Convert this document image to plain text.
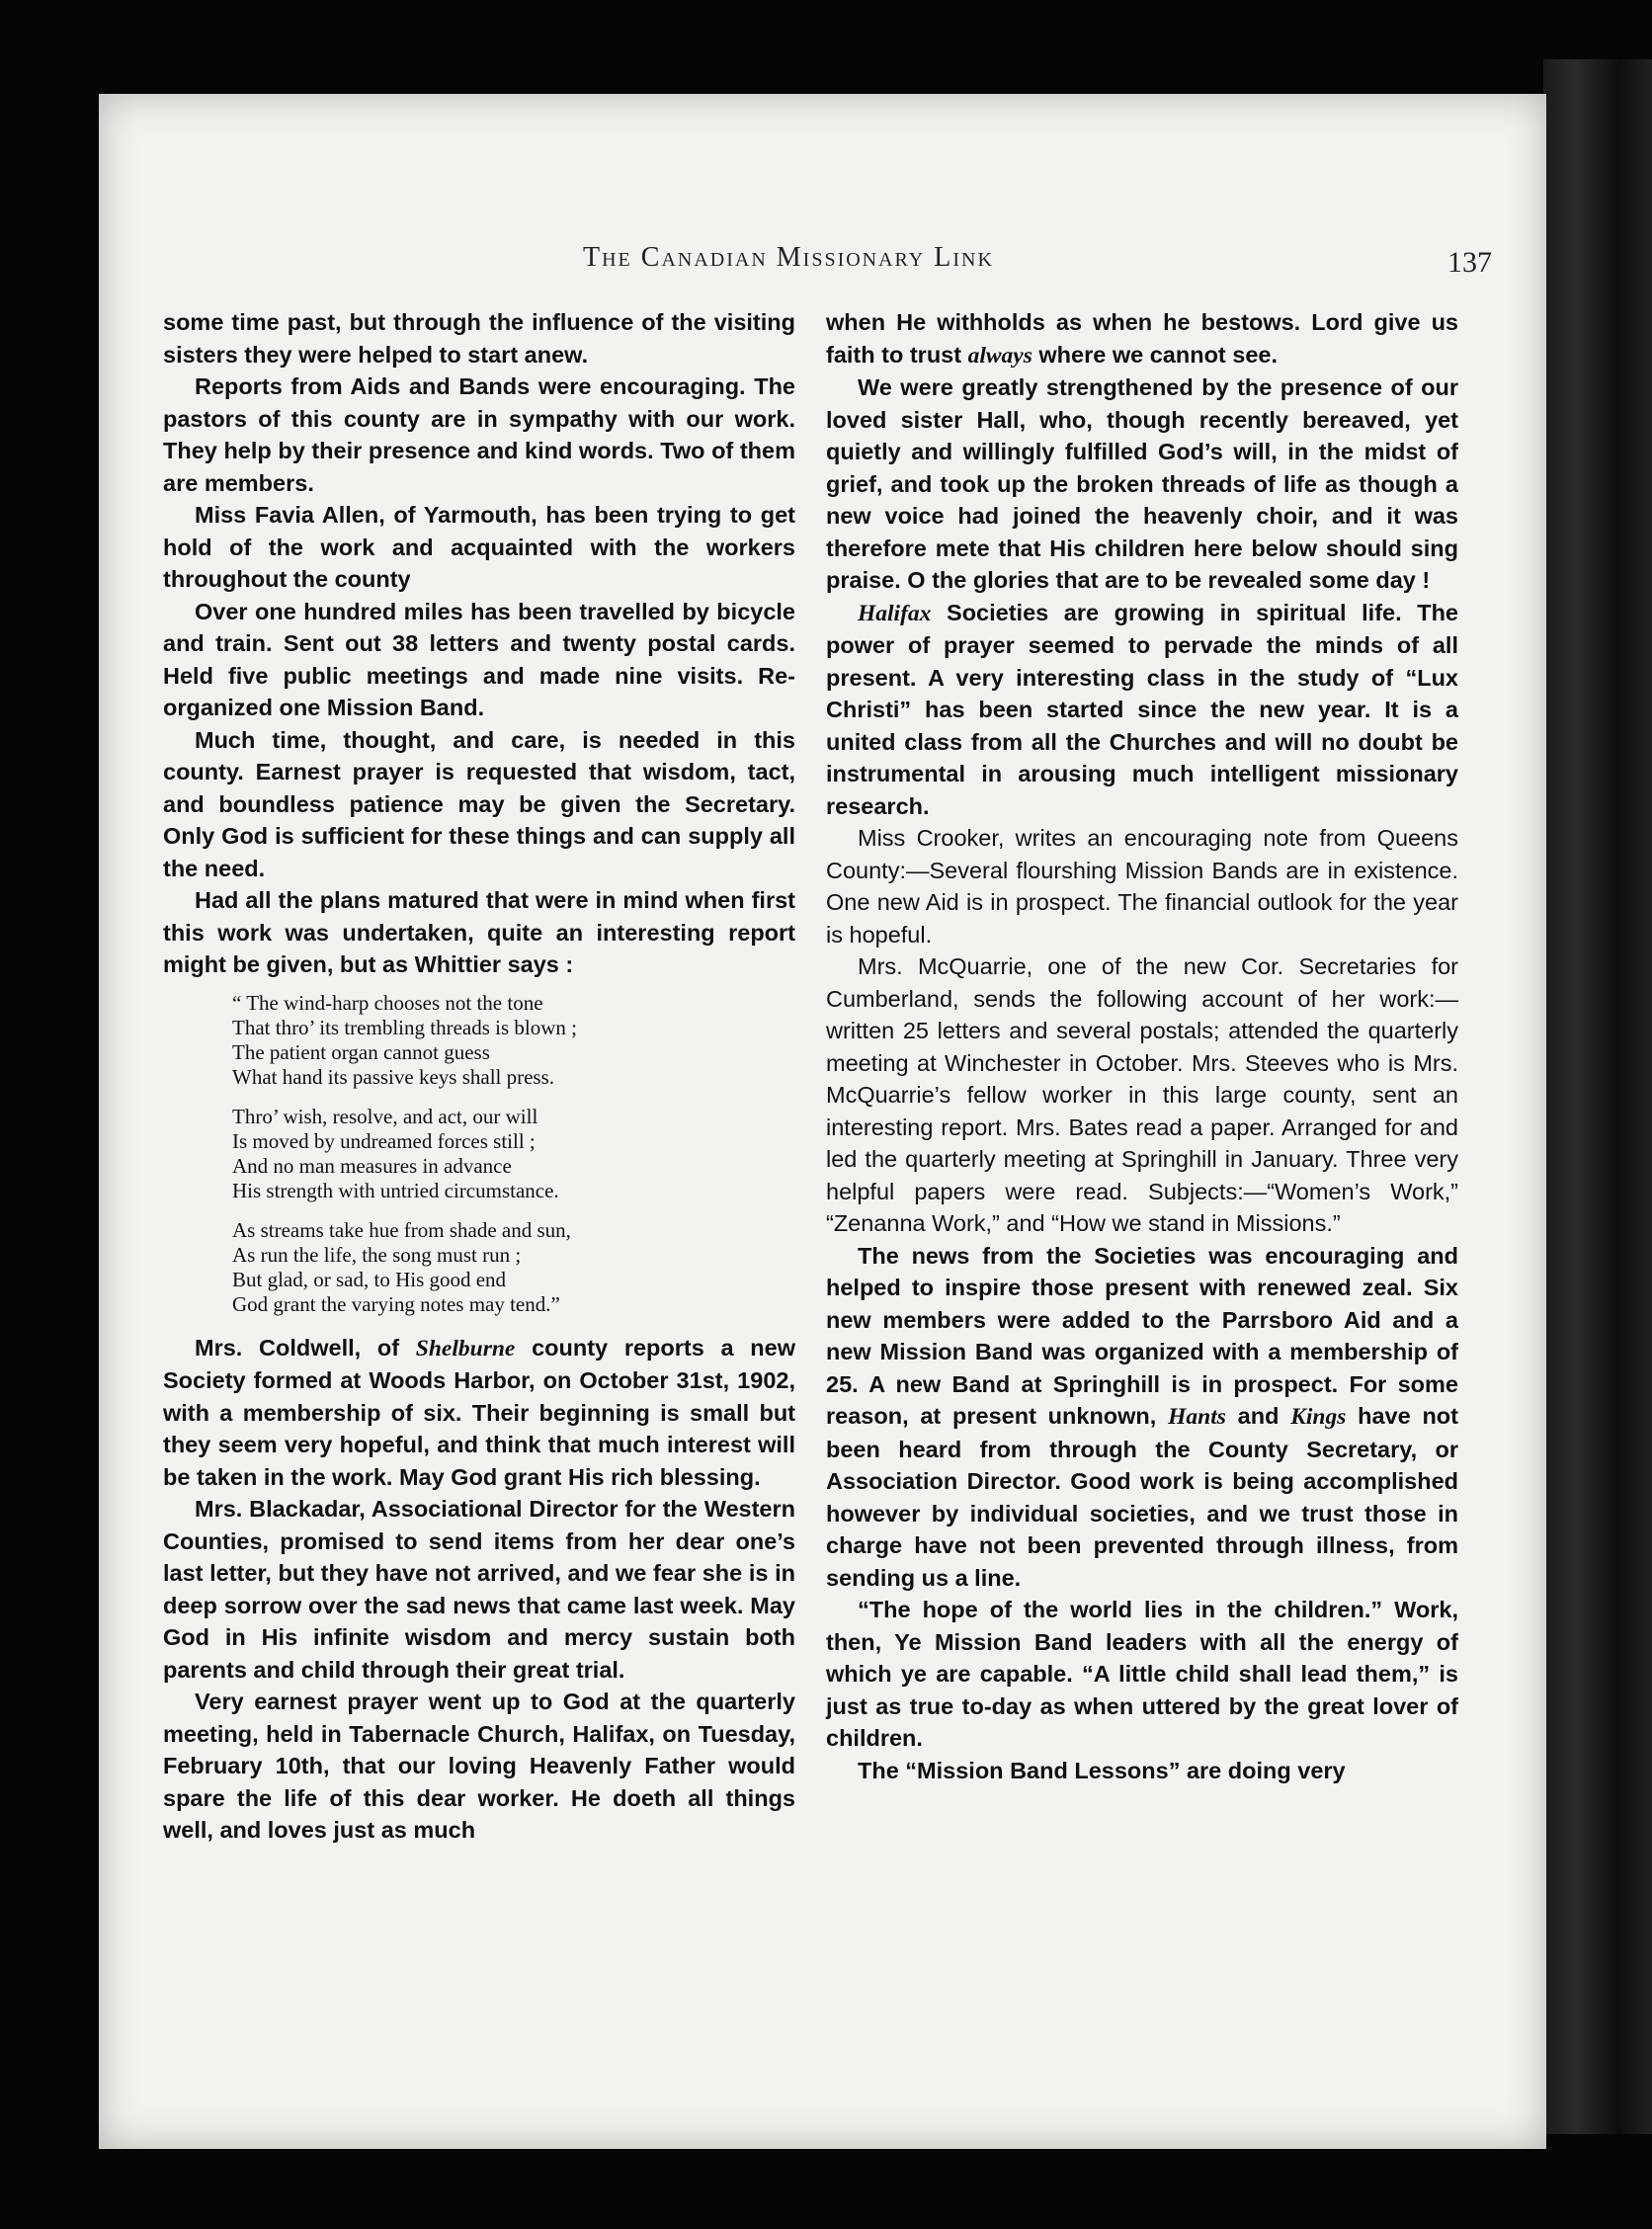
The Canadian Missionary Link	137

some time past, but through the influence of the visiting sisters they were helped to start anew.

Reports from Aids and Bands were encouraging. The pastors of this county are in sympathy with our work. They help by their presence and kind words. Two of them are members.

Miss Favia Allen, of Yarmouth, has been trying to get hold of the work and acquainted with the workers throughout the county

Over one hundred miles has been travelled by bicycle and train. Sent out 38 letters and twenty postal cards. Held five public meetings and made nine visits. Re-organized one Mission Band.

Much time, thought, and care, is needed in this county. Earnest prayer is requested that wisdom, tact, and boundless patience may be given the Secretary. Only God is sufficient for these things and can supply all the need.

Had all the plans matured that were in mind when first this work was undertaken, quite an interesting report might be given, but as Whittier says :

“ The wind-harp chooses not the tone
That thro’ its trembling threads is blown ;
The patient organ cannot guess
What hand its passive keys shall press.
Thro’ wish, resolve, and act, our will
Is moved by undreamed forces still ;
And no man measures in advance
His strength with untried circumstance.
As streams take hue from shade and sun,
As run the life, the song must run ;
But glad, or sad, to His good end
God grant the varying notes may tend.”

Mrs. Coldwell, of Shelburne county reports a new Society formed at Woods Harbor, on October 31st, 1902, with a membership of six. Their beginning is small but they seem very hopeful, and think that much interest will be taken in the work. May God grant His rich blessing.

Mrs. Blackadar, Associational Director for the Western Counties, promised to send items from her dear one’s last letter, but they have not arrived, and we fear she is in deep sorrow over the sad news that came last week. May God in His infinite wisdom and mercy sustain both parents and child through their great trial.

Very earnest prayer went up to God at the quarterly meeting, held in Tabernacle Church, Halifax, on Tuesday, February 10th, that our loving Heavenly Father would spare the life of this dear worker. He doeth all things well, and loves just as much

when He withholds as when he bestows. Lord give us faith to trust always where we cannot see.

We were greatly strengthened by the presence of our loved sister Hall, who, though recently bereaved, yet quietly and willingly fulfilled God’s will, in the midst of grief, and took up the broken threads of life as though a new voice had joined the heavenly choir, and it was therefore mete that His children here below should sing praise. O the glories that are to be revealed some day !

Halifax Societies are growing in spiritual life. The power of prayer seemed to pervade the minds of all present. A very interesting class in the study of “Lux Christi” has been started since the new year. It is a united class from all the Churches and will no doubt be instrumental in arousing much intelligent missionary research.

Miss Crooker, writes an encouraging note from Queens County:—Several flourshing Mission Bands are in existence. One new Aid is in prospect. The financial outlook for the year is hopeful.

Mrs. McQuarrie, one of the new Cor. Secretaries for Cumberland, sends the following account of her work:—written 25 letters and several postals; attended the quarterly meeting at Winchester in October. Mrs. Steeves who is Mrs. McQuarrie’s fellow worker in this large county, sent an interesting report. Mrs. Bates read a paper. Arranged for and led the quarterly meeting at Springhill in January. Three very helpful papers were read. Subjects:—“Women’s Work,” “Zenanna Work,” and “How we stand in Missions.”

The news from the Societies was encouraging and helped to inspire those present with renewed zeal. Six new members were added to the Parrsboro Aid and a new Mission Band was organized with a membership of 25. A new Band at Springhill is in prospect. For some reason, at present unknown, Hants and Kings have not been heard from through the County Secretary, or Association Director. Good work is being accomplished however by individual societies, and we trust those in charge have not been prevented through illness, from sending us a line.

“The hope of the world lies in the children.” Work, then, Ye Mission Band leaders with all the energy of which ye are capable. “A little child shall lead them,” is just as true to-day as when uttered by the great lover of children.

The “Mission Band Lessons” are doing very
